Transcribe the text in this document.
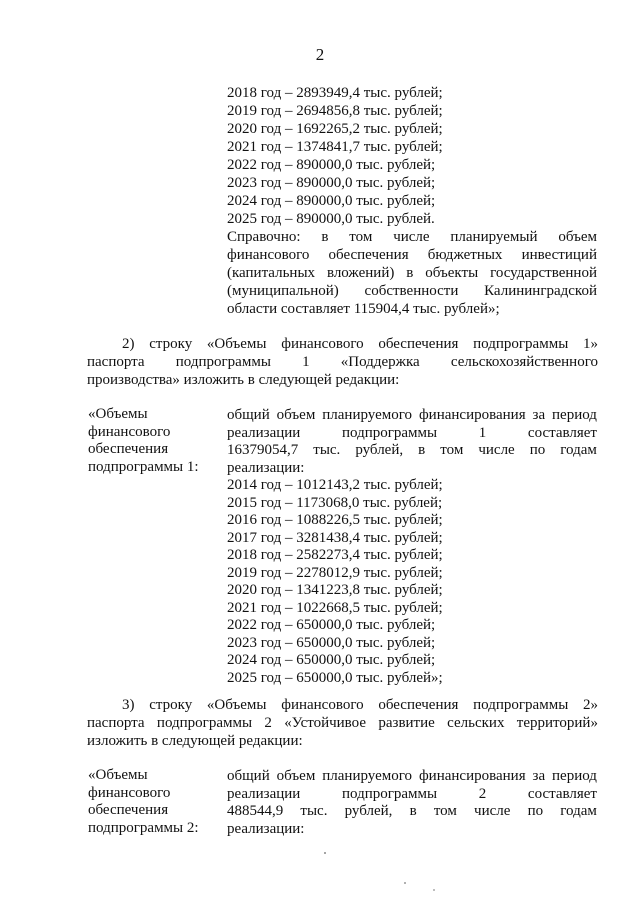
2
2018 год – 2893949,4 тыс. рублей;
2019 год – 2694856,8 тыс. рублей;
2020 год – 1692265,2 тыс. рублей;
2021 год – 1374841,7 тыс. рублей;
2022 год – 890000,0 тыс. рублей;
2023 год – 890000,0 тыс. рублей;
2024 год – 890000,0 тыс. рублей;
2025 год – 890000,0 тыс. рублей.
Справочно: в том числе планируемый объем
финансового обеспечения бюджетных инвестиций
(капитальных вложений) в объекты государственной
(муниципальной) собственности Калининградской
области составляет 115904,4 тыс. рублей»;
2) строку «Объемы финансового обеспечения подпрограммы 1»
паспорта подпрограммы 1 «Поддержка сельскохозяйственного
производства» изложить в следующей редакции:
«Объемы
финансового
обеспечения
подпрограммы 1:
общий объем планируемого финансирования за период
реализации	подпрограммы	1	составляет
16379054,7 тыс. рублей, в том числе по годам
реализации:
2014 год – 1012143,2 тыс. рублей;
2015 год – 1173068,0 тыс. рублей;
2016 год – 1088226,5 тыс. рублей;
2017 год – 3281438,4 тыс. рублей;
2018 год – 2582273,4 тыс. рублей;
2019 год – 2278012,9 тыс. рублей;
2020 год – 1341223,8 тыс. рублей;
2021 год – 1022668,5 тыс. рублей;
2022 год – 650000,0 тыс. рублей;
2023 год – 650000,0 тыс. рублей;
2024 год – 650000,0 тыс. рублей;
2025 год – 650000,0 тыс. рублей»;
3) строку «Объемы финансового обеспечения подпрограммы 2»
паспорта подпрограммы 2 «Устойчивое развитие сельских территорий»
изложить в следующей редакции:
«Объемы
финансового
обеспечения
подпрограммы 2:
общий объем планируемого финансирования за период
реализации	подпрограммы	2	составляет
488544,9 тыс. рублей, в том числе по годам
реализации:
